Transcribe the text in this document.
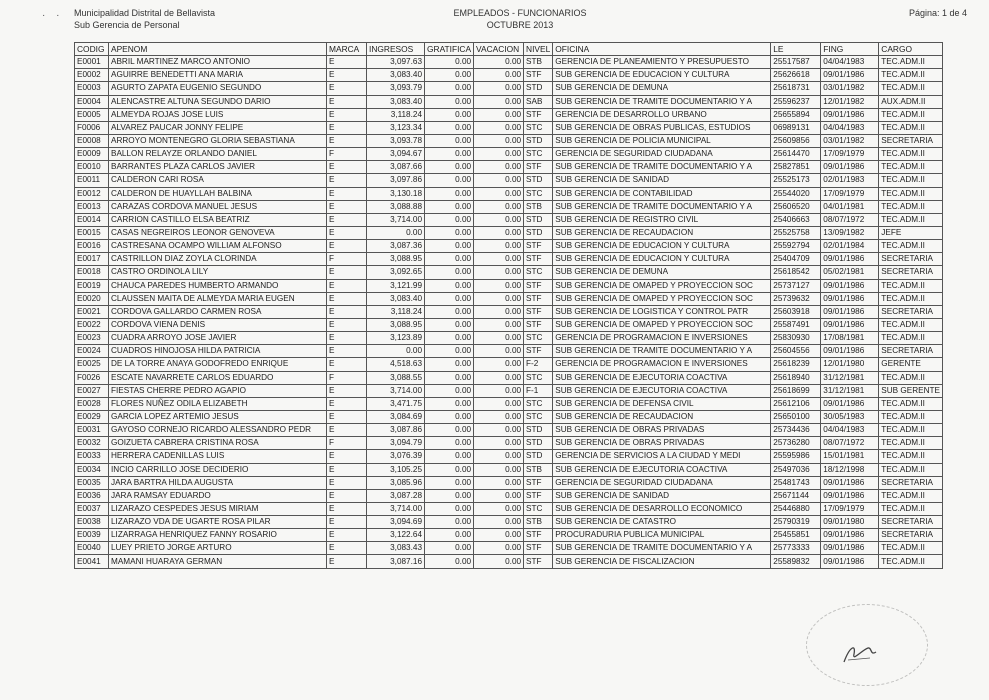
· · Municipalidad Distrital de Bellavista
Sub Gerencia de Personal
EMPLEADOS - FUNCIONARIOS
OCTUBRE 2013
Página: 1 de 4
CODIG	APENOM	MARCA	INGRESOS	GRATIFICA	VACACION	NIVEL	OFICINA	LE	FING	CARGO
E0001	ABRIL MARTINEZ MARCO ANTONIO	E	3,097.63	0.00	0.00	STB	GERENCIA DE PLANEAMIENTO Y PRESUPUESTO	25517587	04/04/1983	TEC.ADM.II
E0002	AGUIRRE BENEDETTI ANA MARIA	E	3,083.40	0.00	0.00	STF	SUB GERENCIA DE EDUCACION Y CULTURA	25626618	09/01/1986	TEC.ADM.II
E0003	AGURTO ZAPATA EUGENIO SEGUNDO	E	3,093.79	0.00	0.00	STD	SUB GERENCIA DE DEMUNA	25618731	03/01/1982	TEC.ADM.II
E0004	ALENCASTRE ALTUNA SEGUNDO DARIO	E	3,083.40	0.00	0.00	SAB	SUB GERENCIA DE TRAMITE DOCUMENTARIO Y A	25596237	12/01/1982	AUX.ADM.II
E0005	ALMEYDA ROJAS JOSE LUIS	E	3,118.24	0.00	0.00	STF	GERENCIA DE DESARROLLO URBANO	25655894	09/01/1986	TEC.ADM.II
F0006	ALVAREZ PAUCAR JONNY FELIPE	E	3,123.34	0.00	0.00	STC	SUB GERENCIA DE OBRAS PUBLICAS, ESTUDIOS	06989131	04/04/1983	TEC.ADM.II
E0008	ARROYO MONTENEGRO GLORIA SEBASTIANA	E	3,093.78	0.00	0.00	STD	SUB GERENCIA DE POLICIA MUNICIPAL	25609856	03/01/1982	SECRETARIA
E0009	BALLON RELAYZE ORLANDO DANIEL	F	3,094.67	0.00	0.00	STC	GERENCIA DE SEGURIDAD CIUDADANA	25614470	17/09/1979	TEC.ADM.II
E0010	BARRANTES PLAZA CARLOS JAVIER	E	3,087.66	0.00	0.00	STF	SUB GERENCIA DE TRAMITE DOCUMENTARIO Y A	25827851	09/01/1986	TEC.ADM.II
E0011	CALDERON CARI ROSA	E	3,097.86	0.00	0.00	STD	SUB GERENCIA DE SANIDAD	25525173	02/01/1983	TEC.ADM.II
E0012	CALDERON DE HUAYLLAH BALBINA	E	3,130.18	0.00	0.00	STC	SUB GERENCIA DE CONTABILIDAD	25544020	17/09/1979	TEC.ADM.II
E0013	CARAZAS CORDOVA MANUEL JESUS	E	3,088.88	0.00	0.00	STB	SUB GERENCIA DE TRAMITE DOCUMENTARIO Y A	25606520	04/01/1981	TEC.ADM.II
E0014	CARRION CASTILLO ELSA BEATRIZ	E	3,714.00	0.00	0.00	STD	SUB GERENCIA DE REGISTRO CIVIL	25406663	08/07/1972	TEC.ADM.II
E0015	CASAS NEGREIROS LEONOR GENOVEVA	E	0.00	0.00	0.00	STD	SUB GERENCIA DE RECAUDACION	25525758	13/09/1982	JEFE
E0016	CASTRESANA OCAMPO WILLIAM ALFONSO	E	3,087.36	0.00	0.00	STF	SUB GERENCIA DE EDUCACION Y CULTURA	25592794	02/01/1984	TEC.ADM.II
E0017	CASTRILLON DIAZ ZOYLA CLORINDA	F	3,088.95	0.00	0.00	STF	SUB GERENCIA DE EDUCACION Y CULTURA	25404709	09/01/1986	SECRETARIA
E0018	CASTRO ORDINOLA LILY	E	3,092.65	0.00	0.00	STC	SUB GERENCIA DE DEMUNA	25618542	05/02/1981	SECRETARIA
E0019	CHAUCA PAREDES HUMBERTO ARMANDO	E	3,121.99	0.00	0.00	STF	SUB GERENCIA DE OMAPED Y PROYECCION SOC	25737127	09/01/1986	TEC.ADM.II
E0020	CLAUSSEN MAITA DE ALMEYDA MARIA EUGEN	E	3,083.40	0.00	0.00	STF	SUB GERENCIA DE OMAPED Y PROYECCION SOC	25739632	09/01/1986	TEC.ADM.II
E0021	CORDOVA GALLARDO CARMEN ROSA	E	3,118.24	0.00	0.00	STF	SUB GERENCIA DE LOGISTICA Y CONTROL PATR	25603918	09/01/1986	SECRETARIA
E0022	CORDOVA VIENA DENIS	E	3,088.95	0.00	0.00	STF	SUB GERENCIA DE OMAPED Y PROYECCION SOC	25587491	09/01/1986	TEC.ADM.II
E0023	CUADRA ARROYO JOSE JAVIER	E	3,123.89	0.00	0.00	STC	GERENCIA DE PROGRAMACION E INVERSIONES	25830930	17/08/1981	TEC.ADM.II
E0024	CUADROS HINOJOSA HILDA PATRICIA	E	0.00	0.00	0.00	STF	SUB GERENCIA DE TRAMITE DOCUMENTARIO Y A	25604556	09/01/1986	SECRETARIA
E0025	DE LA TORRE ANAYA GODOFREDO ENRIQUE	E	4,518.63	0.00	0.00	F-2	GERENCIA DE PROGRAMACION E INVERSIONES	25618239	12/01/1980	GERENTE
F0026	ESCATE NAVARRETE CARLOS EDUARDO	F	3,088.55	0.00	0.00	STC	SUB GERENCIA DE EJECUTORIA COACTIVA	25618940	31/12/1981	TEC.ADM.II
E0027	FIESTAS CHERRE PEDRO AGAPIO	E	3,714.00	0.00	0.00	F-1	SUB GERENCIA DE EJECUTORIA COACTIVA	25618699	31/12/1981	SUB GERENTE
E0028	FLORES NUÑEZ ODILA ELIZABETH	E	3,471.75	0.00	0.00	STC	SUB GERENCIA DE DEFENSA CIVIL	25612106	09/01/1986	TEC.ADM.II
E0029	GARCIA LOPEZ ARTEMIO JESUS	E	3,084.69	0.00	0.00	STC	SUB GERENCIA DE RECAUDACION	25650100	30/05/1983	TEC.ADM.II
E0031	GAYOSO CORNEJO RICARDO ALESSANDRO PEDR	E	3,087.86	0.00	0.00	STD	SUB GERENCIA DE OBRAS PRIVADAS	25734436	04/04/1983	TEC.ADM.II
E0032	GOIZUETA CABRERA CRISTINA ROSA	F	3,094.79	0.00	0.00	STD	SUB GERENCIA DE OBRAS PRIVADAS	25736280	08/07/1972	TEC.ADM.II
E0033	HERRERA CADENILLAS LUIS	E	3,076.39	0.00	0.00	STD	GERENCIA DE SERVICIOS A LA CIUDAD Y MEDI	25595986	15/01/1981	TEC.ADM.II
E0034	INCIO CARRILLO JOSE DECIDERIO	E	3,105.25	0.00	0.00	STB	SUB GERENCIA DE EJECUTORIA COACTIVA	25497036	18/12/1998	TEC.ADM.II
E0035	JARA BARTRA HILDA AUGUSTA	E	3,085.96	0.00	0.00	STF	GERENCIA DE SEGURIDAD CIUDADANA	25481743	09/01/1986	SECRETARIA
E0036	JARA RAMSAY EDUARDO	E	3,087.28	0.00	0.00	STF	SUB GERENCIA DE SANIDAD	25671144	09/01/1986	TEC.ADM.II
E0037	LIZARAZO CESPEDES JESUS MIRIAM	E	3,714.00	0.00	0.00	STC	SUB GERENCIA DE DESARROLLO ECONOMICO	25446880	17/09/1979	TEC.ADM.II
E0038	LIZARAZO VDA DE UGARTE ROSA PILAR	E	3,094.69	0.00	0.00	STB	SUB GERENCIA DE CATASTRO	25790319	09/01/1980	SECRETARIA
E0039	LIZARRAGA HENRIQUEZ FANNY ROSARIO	E	3,122.64	0.00	0.00	STF	PROCURADURIA PUBLICA MUNICIPAL	25455851	09/01/1986	SECRETARIA
E0040	LUEY PRIETO JORGE ARTURO	E	3,083.43	0.00	0.00	STF	SUB GERENCIA DE TRAMITE DOCUMENTARIO Y A	25773333	09/01/1986	TEC.ADM.II
E0041	MAMANI HUARAYA GERMAN	E	3,087.16	0.00	0.00	STF	SUB GERENCIA DE FISCALIZACION	25589832	09/01/1986	TEC.ADM.II
